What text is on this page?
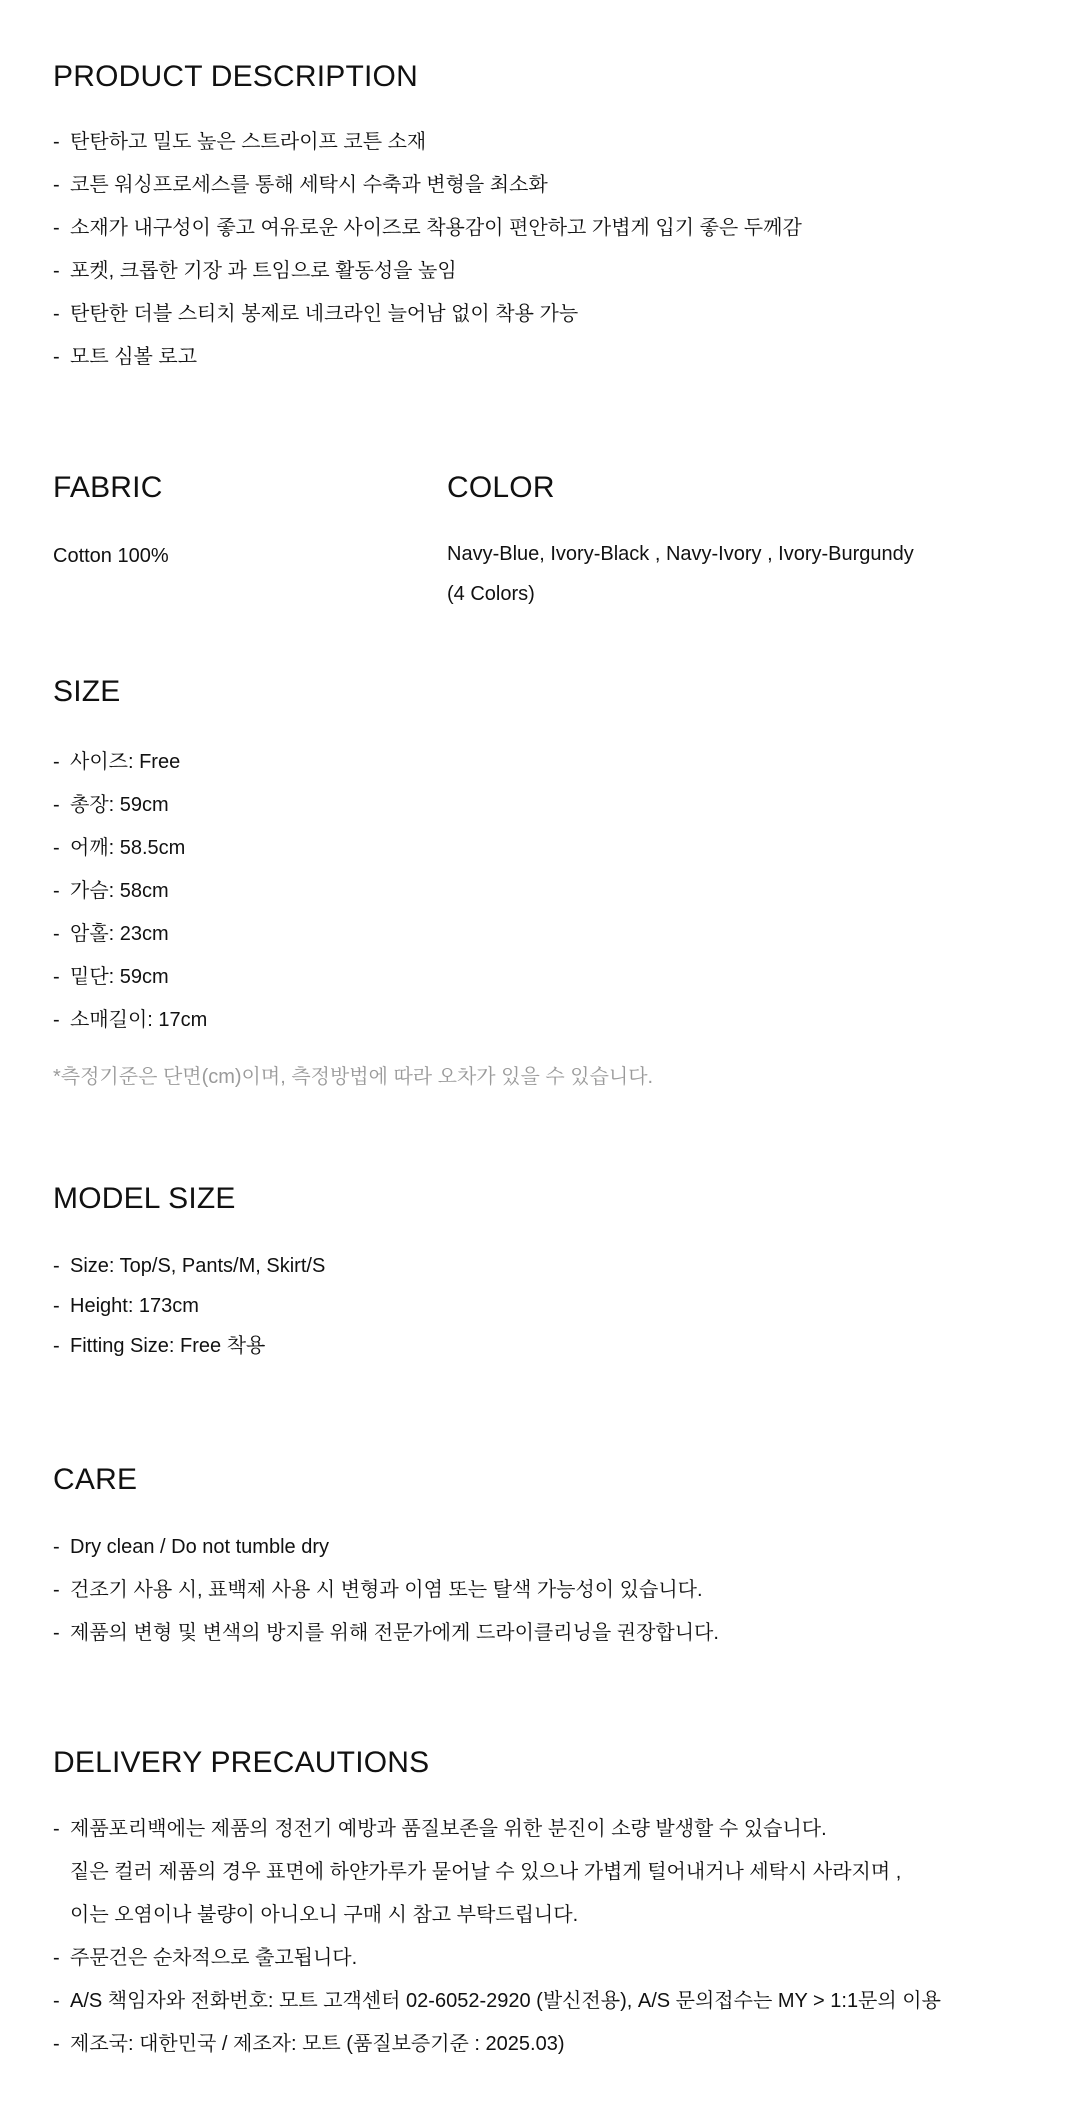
PRODUCT DESCRIPTION
- 탄탄하고 밀도 높은 스트라이프 코튼 소재
- 코튼 워싱프로세스를 통해 세탁시 수축과 변형을 최소화
- 소재가 내구성이 좋고 여유로운 사이즈로 착용감이 편안하고 가볍게 입기 좋은 두께감
- 포켓, 크롭한 기장 과 트임으로 활동성을 높임
- 탄탄한 더블 스티치 봉제로 네크라인 늘어남 없이 착용 가능
- 모트 심볼 로고
FABRIC
Cotton 100%
COLOR
Navy-Blue, Ivory-Black , Navy-Ivory , Ivory-Burgundy
(4 Colors)
SIZE
- 사이즈: Free
- 총장: 59cm
- 어깨: 58.5cm
- 가슴: 58cm
- 암홀: 23cm
- 밑단: 59cm
- 소매길이: 17cm
*측정기준은 단면(cm)이며, 측정방법에 따라 오차가 있을 수 있습니다.
MODEL SIZE
- Size: Top/S, Pants/M, Skirt/S
- Height: 173cm
- Fitting Size: Free 착용
CARE
- Dry clean / Do not tumble dry
- 건조기 사용 시, 표백제 사용 시 변형과 이염 또는 탈색 가능성이 있습니다.
- 제품의 변형 및 변색의 방지를 위해 전문가에게 드라이클리닝을 권장합니다.
DELIVERY PRECAUTIONS
- 제품포리백에는 제품의 정전기 예방과 품질보존을 위한 분진이 소량 발생할 수 있습니다.
짙은 컬러 제품의 경우 표면에 하얀가루가 묻어날 수 있으나 가볍게 털어내거나 세탁시 사라지며 ,
이는 오염이나 불량이 아니오니 구매 시 참고 부탁드립니다.
- 주문건은 순차적으로 출고됩니다.
- A/S 책임자와 전화번호: 모트 고객센터 02-6052-2920 (발신전용), A/S 문의접수는 MY > 1:1문의 이용
- 제조국: 대한민국 / 제조자: 모트 (품질보증기준 : 2025.03)
